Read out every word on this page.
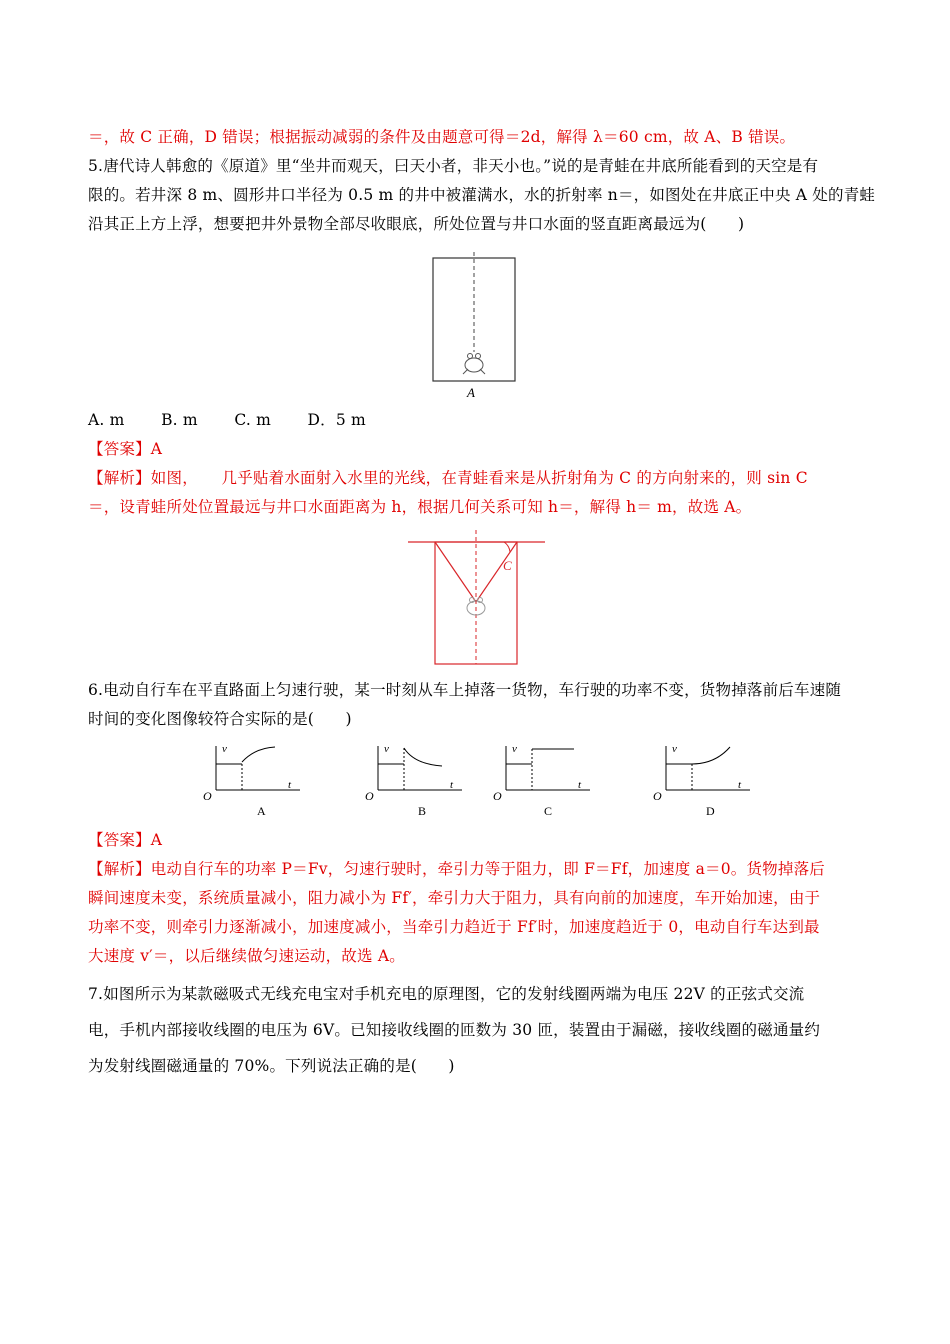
＝，故 C 正确，D 错误；根据振动减弱的条件及由题意可得＝2d，解得 λ＝60 cm，故 A、B 错误。
5.唐代诗人韩愈的《原道》里“坐井而观天，曰天小者，非天小也。”说的是青蛙在井底所能看到的天空是有
限的。若井深 8 m、圆形井口半径为 0.5 m 的井中被灌满水，水的折射率 n＝，如图处在井底正中央 A 处的青蛙
沿其正上方上浮，想要把井外景物全部尽收眼底，所处位置与井口水面的竖直距离最远为(　　)
A
A. m　　 B. m　　 C. m　　 D．5 m
【答案】A
【解析】如图，　　几乎贴着水面射入水里的光线，在青蛙看来是从折射角为 C 的方向射来的，则 sin C
＝，设青蛙所处位置最远与井口水面距离为 h，根据几何关系可知 h＝，解得 h＝ m，故选 A。
C
6.电动自行车在平直路面上匀速行驶，某一时刻从车上掉落一货物，车行驶的功率不变，货物掉落前后车速随
时间的变化图像较符合实际的是(　　)
v
t
O
A
v
t
O
B
v
t
O
C
v
t
O
D
【答案】A
【解析】电动自行车的功率 P＝Fv，匀速行驶时，牵引力等于阻力，即 F＝Ff，加速度 a＝0。货物掉落后
瞬间速度未变，系统质量减小，阻力减小为 Ff′，牵引力大于阻力，具有向前的加速度，车开始加速，由于
功率不变，则牵引力逐渐减小，加速度减小，当牵引力趋近于 Ff′时，加速度趋近于 0，电动自行车达到最
大速度 v′＝，以后继续做匀速运动，故选 A。
7.如图所示为某款磁吸式无线充电宝对手机充电的原理图，它的发射线圈两端为电压 22V 的正弦式交流
电，手机内部接收线圈的电压为 6V。已知接收线圈的匝数为 30 匝，装置由于漏磁，接收线圈的磁通量约
为发射线圈磁通量的 70%。下列说法正确的是(　　)
